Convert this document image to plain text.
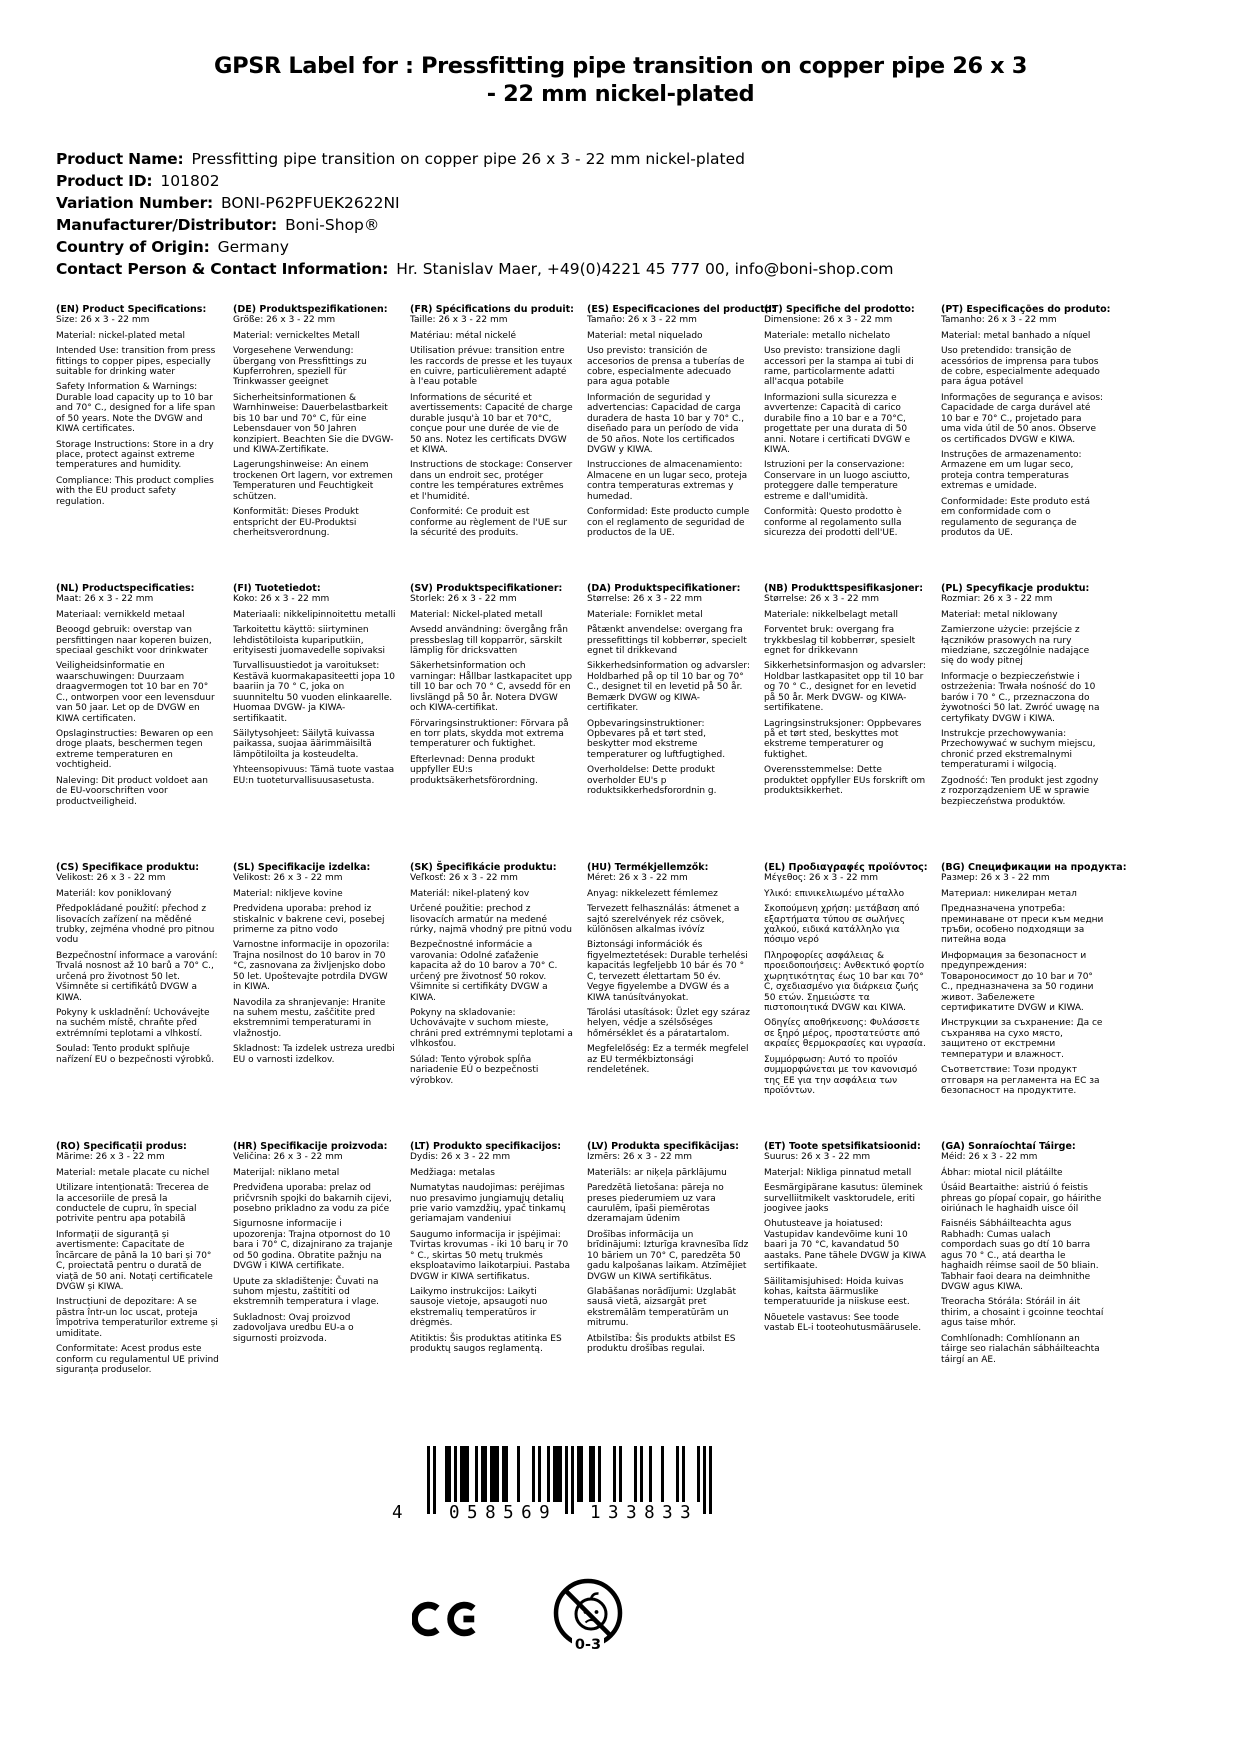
GPSR Label for : Pressfitting pipe transition on copper pipe 26 x 3
- 22 mm nickel-plated
Product Name: Pressfitting pipe transition on copper pipe 26 x 3 - 22 mm nickel-plated
Product ID: 101802
Variation Number: BONI-P62PFUEK2622NI
Manufacturer/Distributor: Boni-Shop®
Country of Origin: Germany
Contact Person & Contact Information: Hr. Stanislav Maer, +49(0)4221 45 777 00, info@boni-shop.com
(EN) Product Specifications:

Size: 26 x 3 - 22 mm

Material: nickel-plated metal

Intended Use: transition from press fittings to copper pipes, especially suitable for drinking water

Safety Information & Warnings: Durable load capacity up to 10 bar and 70° C., designed for a life span of 50 years. Note the DVGW and KIWA certificates.

Storage Instructions: Store in a dry place, protect against extreme temperatures and humidity.

Compliance: This product complies with the EU product safety regulation.

(DE) Produktspezifikationen:

Größe: 26 x 3 - 22 mm

Material: vernickeltes Metall

Vorgesehene Verwendung: übergang von Pressfittings zu Kupferrohren, speziell für Trinkwasser geeignet

Sicherheitsinformationen & Warnhinweise: Dauerbelastbarkeit bis 10 bar und 70° C, für eine Lebensdauer von 50 Jahren konzipiert. Beachten Sie die DVGW- und KIWA-Zertifikate.

Lagerungshinweise: An einem trockenen Ort lagern, vor extremen Temperaturen und Feuchtigkeit schützen.

Konformität: Dieses Produkt entspricht der EU-Produktsi cherheitsverordnung.

(FR) Spécifications du produit:

Taille: 26 x 3 - 22 mm

Matériau: métal nickelé

Utilisation prévue: transition entre les raccords de presse et les tuyaux en cuivre, particulièrement adapté à l'eau potable

Informations de sécurité et avertissements: Capacité de charge durable jusqu'à 10 bar et 70°C, conçue pour une durée de vie de 50 ans. Notez les certificats DVGW et KIWA.

Instructions de stockage: Conserver dans un endroit sec, protéger contre les températures extrêmes et l'humidité.

Conformité: Ce produit est conforme au règlement de l'UE sur la sécurité des produits.

(ES) Especificaciones del producto:

Tamaño: 26 x 3 - 22 mm

Material: metal niquelado

Uso previsto: transición de accesorios de prensa a tuberías de cobre, especialmente adecuado para agua potable

Información de seguridad y advertencias: Capacidad de carga duradera de hasta 10 bar y 70° C., diseñado para un período de vida de 50 años. Note los certificados DVGW y KIWA.

Instrucciones de almacenamiento: Almacene en un lugar seco, proteja contra temperaturas extremas y humedad.

Conformidad: Este producto cumple con el reglamento de seguridad de productos de la UE.

(IT) Specifiche del prodotto:

Dimensione: 26 x 3 - 22 mm

Materiale: metallo nichelato

Uso previsto: transizione dagli accessori per la stampa ai tubi di rame, particolarmente adatti all'acqua potabile

Informazioni sulla sicurezza e avvertenze: Capacità di carico durabile fino a 10 bar e a 70°C, progettate per una durata di 50 anni. Notare i certificati DVGW e KIWA.

Istruzioni per la conservazione: Conservare in un luogo asciutto, proteggere dalle temperature estreme e dall'umidità.

Conformità: Questo prodotto è conforme al regolamento sulla sicurezza dei prodotti dell'UE.

(PT) Especificações do produto:

Tamanho: 26 x 3 - 22 mm

Material: metal banhado a níquel

Uso pretendido: transição de acessórios de imprensa para tubos de cobre, especialmente adequado para água potável

Informações de segurança e avisos: Capacidade de carga durável até 10 bar e 70° C., projetado para uma vida útil de 50 anos. Observe os certificados DVGW e KIWA.

Instruções de armazenamento: Armazene em um lugar seco, proteja contra temperaturas extremas e umidade.

Conformidade: Este produto está em conformidade com o regulamento de segurança de produtos da UE.

(NL) Productspecificaties:

Maat: 26 x 3 - 22 mm

Materiaal: vernikkeld metaal

Beoogd gebruik: overstap van persfittingen naar koperen buizen, speciaal geschikt voor drinkwater

Veiligheidsinformatie en waarschuwingen: Duurzaam draagvermogen tot 10 bar en 70° C., ontworpen voor een levensduur van 50 jaar. Let op de DVGW en KIWA certificaten.

Opslaginstructies: Bewaren op een droge plaats, beschermen tegen extreme temperaturen en vochtigheid.

Naleving: Dit product voldoet aan de EU-voorschriften voor productveiligheid.

(FI) Tuotetiedot:

Koko: 26 x 3 - 22 mm

Materiaali: nikkelipinnoitettu metalli

Tarkoitettu käyttö: siirtyminen lehdistötiloista kupariputkiin, erityisesti juomavedelle sopivaksi

Turvallisuustiedot ja varoitukset: Kestävä kuormakapasiteetti jopa 10 baariin ja 70 ° C, joka on suunniteltu 50 vuoden elinkaarelle. Huomaa DVGW- ja KIWA-sertifikaatit.

Säilytysohjeet: Säilytä kuivassa paikassa, suojaa äärimmäisiltä lämpötiloilta ja kosteudelta.

Yhteensopivuus: Tämä tuote vastaa EU:n tuoteturvallisuusasetusta.

(SV) Produktspecifikationer:

Storlek: 26 x 3 - 22 mm

Material: Nickel-plated metall

Avsedd användning: övergång från pressbeslag till kopparrör, särskilt lämplig för dricksvatten

Säkerhetsinformation och varningar: Hållbar lastkapacitet upp till 10 bar och 70 ° C, avsedd för en livslängd på 50 år. Notera DVGW och KIWA-certifikat.

Förvaringsinstruktioner: Förvara på en torr plats, skydda mot extrema temperaturer och fuktighet.

Efterlevnad: Denna produkt uppfyller EU:s produktsäkerhetsförordning.

(DA) Produktspecifikationer:

Størrelse: 26 x 3 - 22 mm

Materiale: Forniklet metal

Påtænkt anvendelse: overgang fra pressefittings til kobberrør, specielt egnet til drikkevand

Sikkerhedsinformation og advarsler: Holdbarhed på op til 10 bar og 70° C., designet til en levetid på 50 år. Bemærk DVGW og KIWA-certifikater.

Opbevaringsinstruktioner: Opbevares på et tørt sted, beskytter mod ekstreme temperaturer og luftfugtighed.

Overholdelse: Dette produkt overholder EU's p roduktsikkerhedsforordnin g.

(NB) Produkttspesifikasjoner:

Størrelse: 26 x 3 - 22 mm

Materiale: nikkelbelagt metall

Forventet bruk: overgang fra trykkbeslag til kobberrør, spesielt egnet for drikkevann

Sikkerhetsinformasjon og advarsler: Holdbar lastkapasitet opp til 10 bar og 70 ° C., designet for en levetid på 50 år. Merk DVGW- og KIWA-sertifikatene.

Lagringsinstruksjoner: Oppbevares på et tørt sted, beskyttes mot ekstreme temperaturer og fuktighet.

Overensstemmelse: Dette produktet oppfyller EUs forskrift om produktsikkerhet.

(PL) Specyfikacje produktu:

Rozmiar: 26 x 3 - 22 mm

Materiał: metal niklowany

Zamierzone użycie: przejście z łączników prasowych na rury miedziane, szczególnie nadające się do wody pitnej

Informacje o bezpieczeństwie i ostrzeżenia: Trwała nośność do 10 barów i 70 ° C., przeznaczona do żywotności 50 lat. Zwróć uwagę na certyfikaty DVGW i KIWA.

Instrukcje przechowywania: Przechowywać w suchym miejscu, chronić przed ekstremalnymi temperaturami i wilgocią.

Zgodność: Ten produkt jest zgodny z rozporządzeniem UE w sprawie bezpieczeństwa produktów.

(CS) Specifikace produktu:

Velikost: 26 x 3 - 22 mm

Materiál: kov poniklovaný

Předpokládané použití: přechod z lisovacích zařízení na měděné trubky, zejména vhodné pro pitnou vodu

Bezpečnostní informace a varování: Trvalá nosnost až 10 barů a 70° C., určená pro životnost 50 let. Všimněte si certifikátů DVGW a KIWA.

Pokyny k uskladnění: Uchovávejte na suchém místě, chraňte před extrémními teplotami a vlhkostí.

Soulad: Tento produkt splňuje nařízení EU o bezpečnosti výrobků.

(SL) Specifikacije izdelka:

Velikost: 26 x 3 - 22 mm

Material: nikljeve kovine

Predvidena uporaba: prehod iz stiskalnic v bakrene cevi, posebej primerne za pitno vodo

Varnostne informacije in opozorila: Trajna nosilnost do 10 barov in 70 °C, zasnovana za življenjsko dobo 50 let. Upoštevajte potrdila DVGW in KIWA.

Navodila za shranjevanje: Hranite na suhem mestu, zaščitite pred ekstremnimi temperaturami in vlažnostjo.

Skladnost: Ta izdelek ustreza uredbi EU o varnosti izdelkov.

(SK) Špecifikácie produktu:

Veľkosť: 26 x 3 - 22 mm

Materiál: nikel-platený kov

Určené použitie: prechod z lisovacích armatúr na medené rúrky, najmä vhodný pre pitnú vodu

Bezpečnostné informácie a varovania: Odolné zaťaženie kapacita až do 10 barov a 70° C. určený pre životnosť 50 rokov. Všimnite si certifikáty DVGW a KIWA.

Pokyny na skladovanie: Uchovávajte v suchom mieste, chráni pred extrémnymi teplotami a vlhkosťou.

Súlad: Tento výrobok spĺňa nariadenie EÚ o bezpečnosti výrobkov.

(HU) Termékjellemzők:

Méret: 26 x 3 - 22 mm

Anyag: nikkelezett fémlemez

Tervezett felhasználás: átmenet a sajtó szerelvények réz csövek, különösen alkalmas ivóvíz

Biztonsági információk és figyelmeztetések: Durable terhelési kapacitás legfeljebb 10 bár és 70 ° C, tervezett élettartam 50 év. Vegye figyelembe a DVGW és a KIWA tanúsítványokat.

Tárolási utasítások: Üzlet egy száraz helyen, védje a szélsőséges hőmérséklet és a páratartalom.

Megfelelőség: Ez a termék megfelel az EU termékbiztonsági rendeletének.

(EL) Προδιαγραφές προϊόντος:

Μέγεθος: 26 x 3 - 22 mm

Υλικό: επινικελιωμένο μέταλλο

Σκοπούμενη χρήση: μετάβαση από εξαρτήματα τύπου σε σωλήνες χαλκού, ειδικά κατάλληλο για πόσιμο νερό

Πληροφορίες ασφάλειας & προειδοποιήσεις: Ανθεκτικό φορτίο χωρητικότητας έως 10 bar και 70° C, σχεδιασμένο για διάρκεια ζωής 50 ετών. Σημειώστε τα πιστοποιητικά DVGW και KIWA.

Οδηγίες αποθήκευσης: Φυλάσσετε σε ξηρό μέρος, προστατεύστε από ακραίες θερμοκρασίες και υγρασία.

Συμμόρφωση: Αυτό το προϊόν συμμορφώνεται με τον κανονισμό της ΕΕ για την ασφάλεια των προϊόντων.

(BG) Спецификации на продукта:

Размер: 26 x 3 - 22 mm

Материал: никелиран метал

Предназначена употреба: преминаване от преси към медни тръби, особено подходящи за питейна вода

Информация за безопасност и предупреждения: Товароносимост до 10 bar и 70° C., предназначена за 50 години живот. Забележете сертификатите DVGW и KIWA.

Инструкции за съхранение: Да се съхранява на сухо място, защитено от екстремни температури и влажност.

Съответствие: Този продукт отговаря на регламента на ЕС за безопасност на продуктите.

(RO) Specificații produs:

Mărime: 26 x 3 - 22 mm

Material: metale placate cu nichel

Utilizare intenționată: Trecerea de la accesoriile de presă la conductele de cupru, în special potrivite pentru apa potabilă

Informații de siguranță și avertismente: Capacitate de încărcare de până la 10 bari și 70° C, proiectată pentru o durată de viață de 50 ani. Notați certificatele DVGW și KIWA.

Instrucțiuni de depozitare: A se păstra într-un loc uscat, proteja împotriva temperaturilor extreme și umiditate.

Conformitate: Acest produs este conform cu regulamentul UE privind siguranța produselor.

(HR) Specifikacije proizvoda:

Veličina: 26 x 3 - 22 mm

Materijal: niklano metal

Predviđena uporaba: prelaz od pričvrsnih spojki do bakarnih cijevi, posebno prikladno za vodu za piće

Sigurnosne informacije i upozorenja: Trajna otpornost do 10 bara i 70° C, dizajnirano za trajanje od 50 godina. Obratite pažnju na DVGW i KIWA certifikate.

Upute za skladištenje: Čuvati na suhom mjestu, zaštititi od ekstremnih temperatura i vlage.

Sukladnost: Ovaj proizvod zadovoljava uredbu EU-a o sigurnosti proizvoda.

(LT) Produkto specifikacijos:

Dydis: 26 x 3 - 22 mm

Medžiaga: metalas

Numatytas naudojimas: perėjimas nuo presavimo jungiamųjų detalių prie vario vamzdžių, ypač tinkamų geriamajam vandeniui

Saugumo informacija ir įspėjimai: Tvirtas krovumas - iki 10 barų ir 70 ° C., skirtas 50 metų trukmės eksploatavimo laikotarpiui. Pastaba DVGW ir KIWA sertifikatus.

Laikymo instrukcijos: Laikyti sausoje vietoje, apsaugoti nuo ekstremalių temperatūros ir drėgmės.

Atitiktis: Šis produktas atitinka ES produktų saugos reglamentą.

(LV) Produkta specifikācijas:

Izmērs: 26 x 3 - 22 mm

Materiāls: ar niķeļa pārklājumu

Paredzētā lietošana: pāreja no preses piederumiem uz vara caurulēm, īpaši piemērotas dzeramajam ūdenim

Drošības informācija un brīdinājumi: Izturīga kravnesība līdz 10 bāriem un 70° C, paredzēta 50 gadu kalpošanas laikam. Atzīmējiet DVGW un KIWA sertifikātus.

Glabāšanas norādījumi: Uzglabāt sausā vietā, aizsargāt pret ekstremālām temperatūrām un mitrumu.

Atbilstība: Šis produkts atbilst ES produktu drošības regulai.

(ET) Toote spetsifikatsioonid:

Suurus: 26 x 3 - 22 mm

Materjal: Nikliga pinnatud metall

Eesmärgipärane kasutus: üleminek survelliitmikelt vasktorudele, eriti joogivee jaoks

Ohutusteave ja hoiatused: Vastupidav kandevõime kuni 10 baari ja 70 °C, kavandatud 50 aastaks. Pane tähele DVGW ja KIWA sertifikaate.

Säilitamisjuhised: Hoida kuivas kohas, kaitsta äärmuslike temperatuuride ja niiskuse eest.

Nõuetele vastavus: See toode vastab EL-i tooteohutusmäärusele.

(GA) Sonraíochtaí Táirge:

Méid: 26 x 3 - 22 mm

Ábhar: miotal nicil plátáilte

Úsáid Beartaithe: aistriú ó feistis phreas go píopaí copair, go háirithe oiriúnach le haghaidh uisce óil

Faisnéis Sábháilteachta agus Rabhadh: Cumas ualach compordach suas go dtí 10 barra agus 70 ° C., atá deartha le haghaidh réimse saoil de 50 bliain. Tabhair faoi deara na deimhnithe DVGW agus KIWA.

Treoracha Stórála: Stóráil in áit thirim, a chosaint i gcoinne teochtaí agus taise mhór.

Comhlíonadh: Comhlíonann an táirge seo rialachán sábháilteachta táirgí an AE.

4	058569 133833
0-3
